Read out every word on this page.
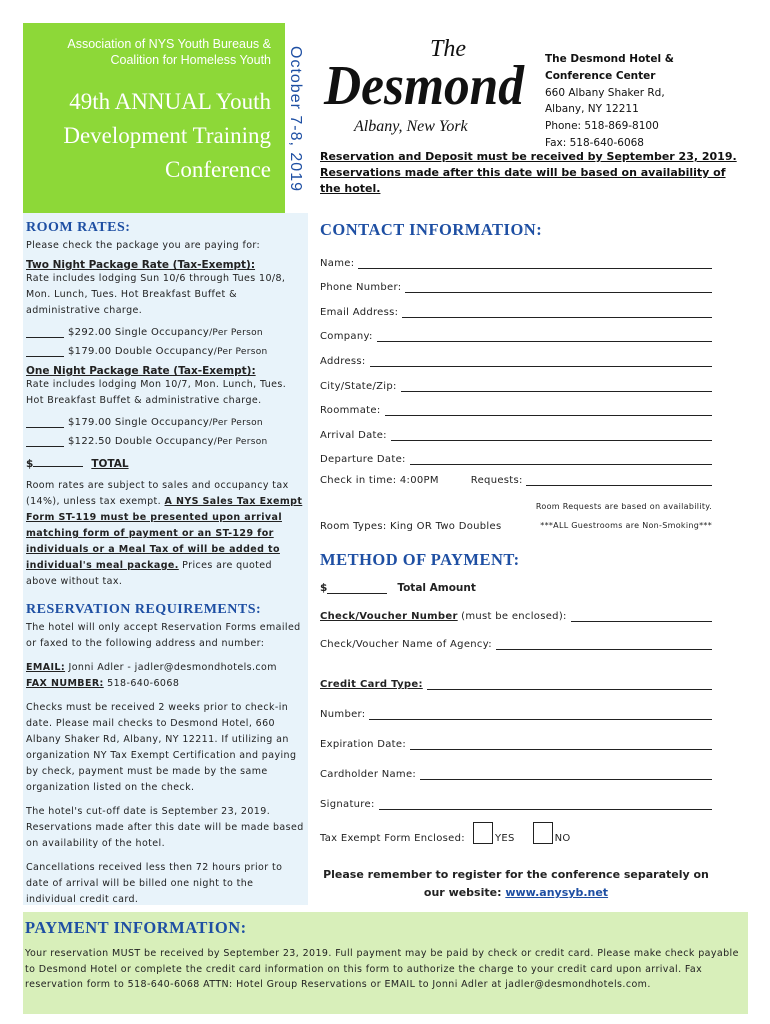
Association of NYS Youth Bureaus & Coalition for Homeless Youth
49th ANNUAL Youth Development Training Conference October 7-8, 2019	The
Desmond
Albany, New York
The Desmond Hotel &
Conference Center
660 Albany Shaker Rd,
Albany, NY 12211
Phone: 518-869-8100
Fax: 518-640-6068
Reservation and Deposit must be received by September 23, 2019. Reservations made after this date will be based on availability of the hotel.
ROOM RATES:
Please check the package you are paying for:
Two Night Package Rate (Tax-Exempt):
Rate includes lodging Sun 10/6 through Tues 10/8, Mon. Lunch, Tues. Hot Breakfast Buffet & administrative charge.
$292.00 Single Occupancy/Per Person
$179.00 Double Occupancy/Per Person
One Night Package Rate (Tax-Exempt):
Rate includes lodging Mon 10/7, Mon. Lunch, Tues. Hot Breakfast Buffet & administrative charge.
$179.00 Single Occupancy/Per Person
$122.50 Double Occupancy/Per Person
$	TOTAL
Room rates are subject to sales and occupancy tax (14%), unless tax exempt. A NYS Sales Tax Exempt Form ST-119 must be presented upon arrival matching form of payment or an ST-129 for individuals or a Meal Tax of will be added to individual's meal package. Prices are quoted above without tax.
RESERVATION REQUIREMENTS:
The hotel will only accept Reservation Forms emailed or faxed to the following address and number:
EMAIL: Jonni Adler - jadler@desmondhotels.com
FAX NUMBER: 518-640-6068
Checks must be received 2 weeks prior to check-in date. Please mail checks to Desmond Hotel, 660 Albany Shaker Rd, Albany, NY 12211. If utilizing an organization NY Tax Exempt Certification and paying by check, payment must be made by the same organization listed on the check.
The hotel's cut-off date is September 23, 2019. Reservations made after this date will be made based on availability of the hotel.
Cancellations received less then 72 hours prior to date of arrival will be billed one night to the individual credit card.
CONTACT INFORMATION:
Name:
Phone Number:
Email Address:
Company:
Address:
City/State/Zip:
Roommate:
Arrival Date:
Departure Date:
Check in time: 4:00PM	Requests:
Room Requests are based on availability.
Room Types: King OR Two Doubles	***ALL Guestrooms are Non-Smoking***
METHOD OF PAYMENT:
$	Total Amount
Check/Voucher Number (must be enclosed):
Check/Voucher Name of Agency:
Credit Card Type:
Number:
Expiration Date:
Cardholder Name:
Signature:
Tax Exempt Form Enclosed:	YES	NO
Please remember to register for the conference separately on our website: www.anysyb.net
PAYMENT INFORMATION:
Your reservation MUST be received by September 23, 2019. Full payment may be paid by check or credit card. Please make check payable to Desmond Hotel or complete the credit card information on this form to authorize the charge to your credit card upon arrival. Fax reservation form to 518-640-6068 ATTN: Hotel Group Reservations or EMAIL to Jonni Adler at jadler@desmondhotels.com.
